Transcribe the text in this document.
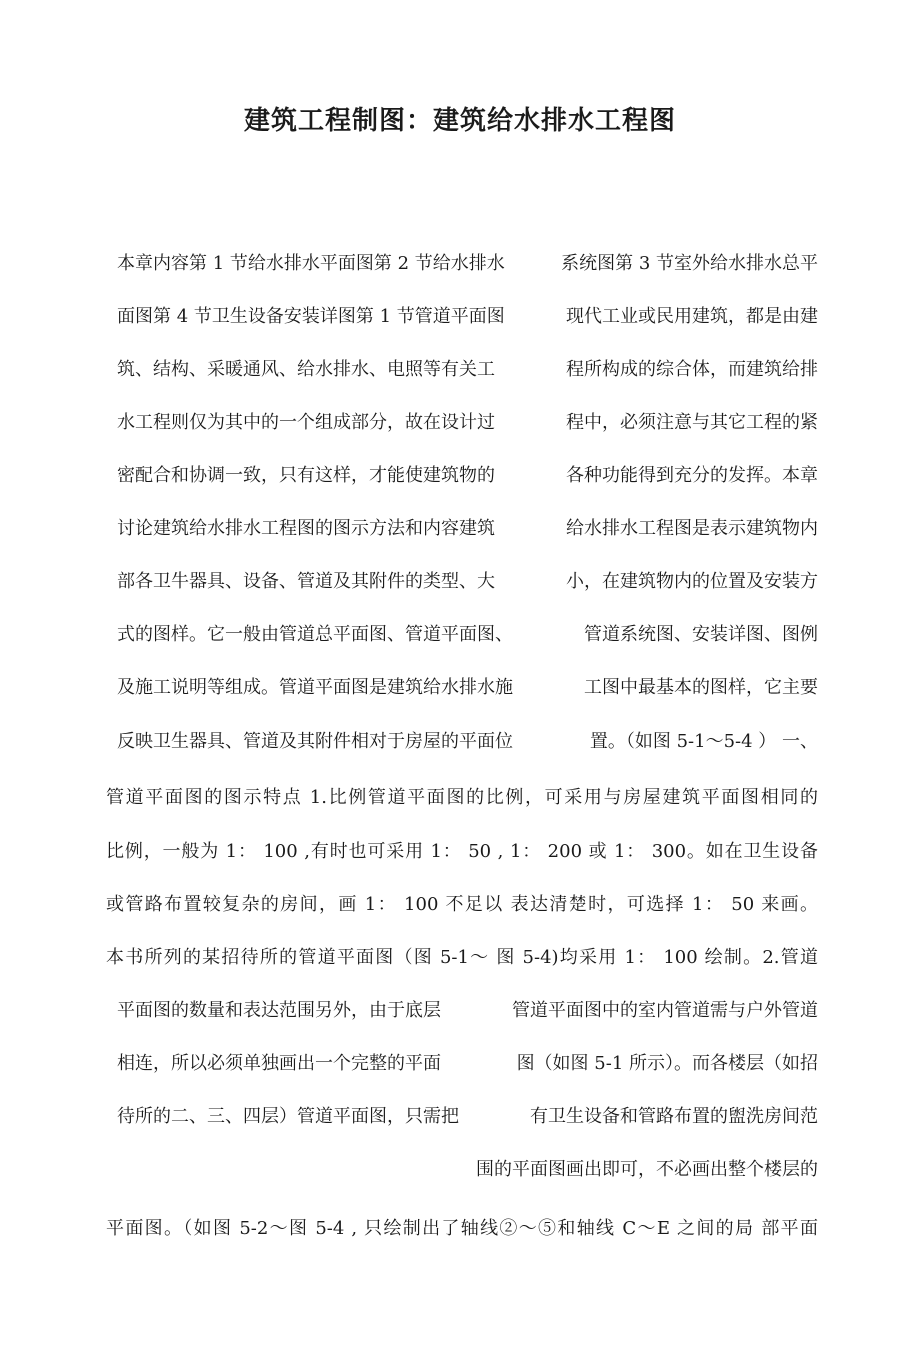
建筑工程制图：建筑给水排水工程图
本章内容第 1 节给水排水平面图第 2 节给水排水	系统图第 3 节室外给水排水总平
面图第 4 节卫生设备安装详图第 1 节管道平面图	现代工业或民用建筑，都是由建
筑、结构、采暖通风、给水排水、电照等有关工	程所构成的综合体，而建筑给排
水工程则仅为其中的一个组成部分，故在设计过	程中，必须注意与其它工程的紧
密配合和协调一致，只有这样，才能使建筑物的	各种功能得到充分的发挥。本章
讨论建筑给水排水工程图的图示方法和内容建筑	给水排水工程图是表示建筑物内
部各卫牛器具、设备、管道及其附件的类型、大	小，在建筑物内的位置及安装方
式的图样。它一般由管道总平面图、管道平面图、	管道系统图、安装详图、图例
及施工说明等组成。管道平面图是建筑给水排水施	工图中最基本的图样，它主要
反映卫生器具、管道及其附件相对于房屋的平面位	置。（如图 5-1～5-4 ） 一、
管道平面图的图示特点 1.比例管道平面图的比例，可采用与房屋建筑平面图相同的
比例，一般为 1： 100 ,有时也可采用 1： 50 , 1： 200 或 1： 300。如在卫生设备
或管路布置较复杂的房间，画 1： 100 不足以 表达清楚时，可选择 1： 50 来画。
本书所列的某招待所的管道平面图（图 5-1～ 图 5-4)均采用 1： 100 绘制。2.管道
平面图的数量和表达范围另外，由于底层	管道平面图中的室内管道需与户外管道
相连，所以必须单独画出一个完整的平面	图（如图 5-1 所示）。而各楼层（如招
待所的二、三、四层）管道平面图，只需把	有卫生设备和管路布置的盥洗房间范
围的平面图画出即可，不必画出整个楼层的
平面图。（如图 5-2～图 5-4 , 只绘制出了轴线②～⑤和轴线 C～E 之间的局 部平面
